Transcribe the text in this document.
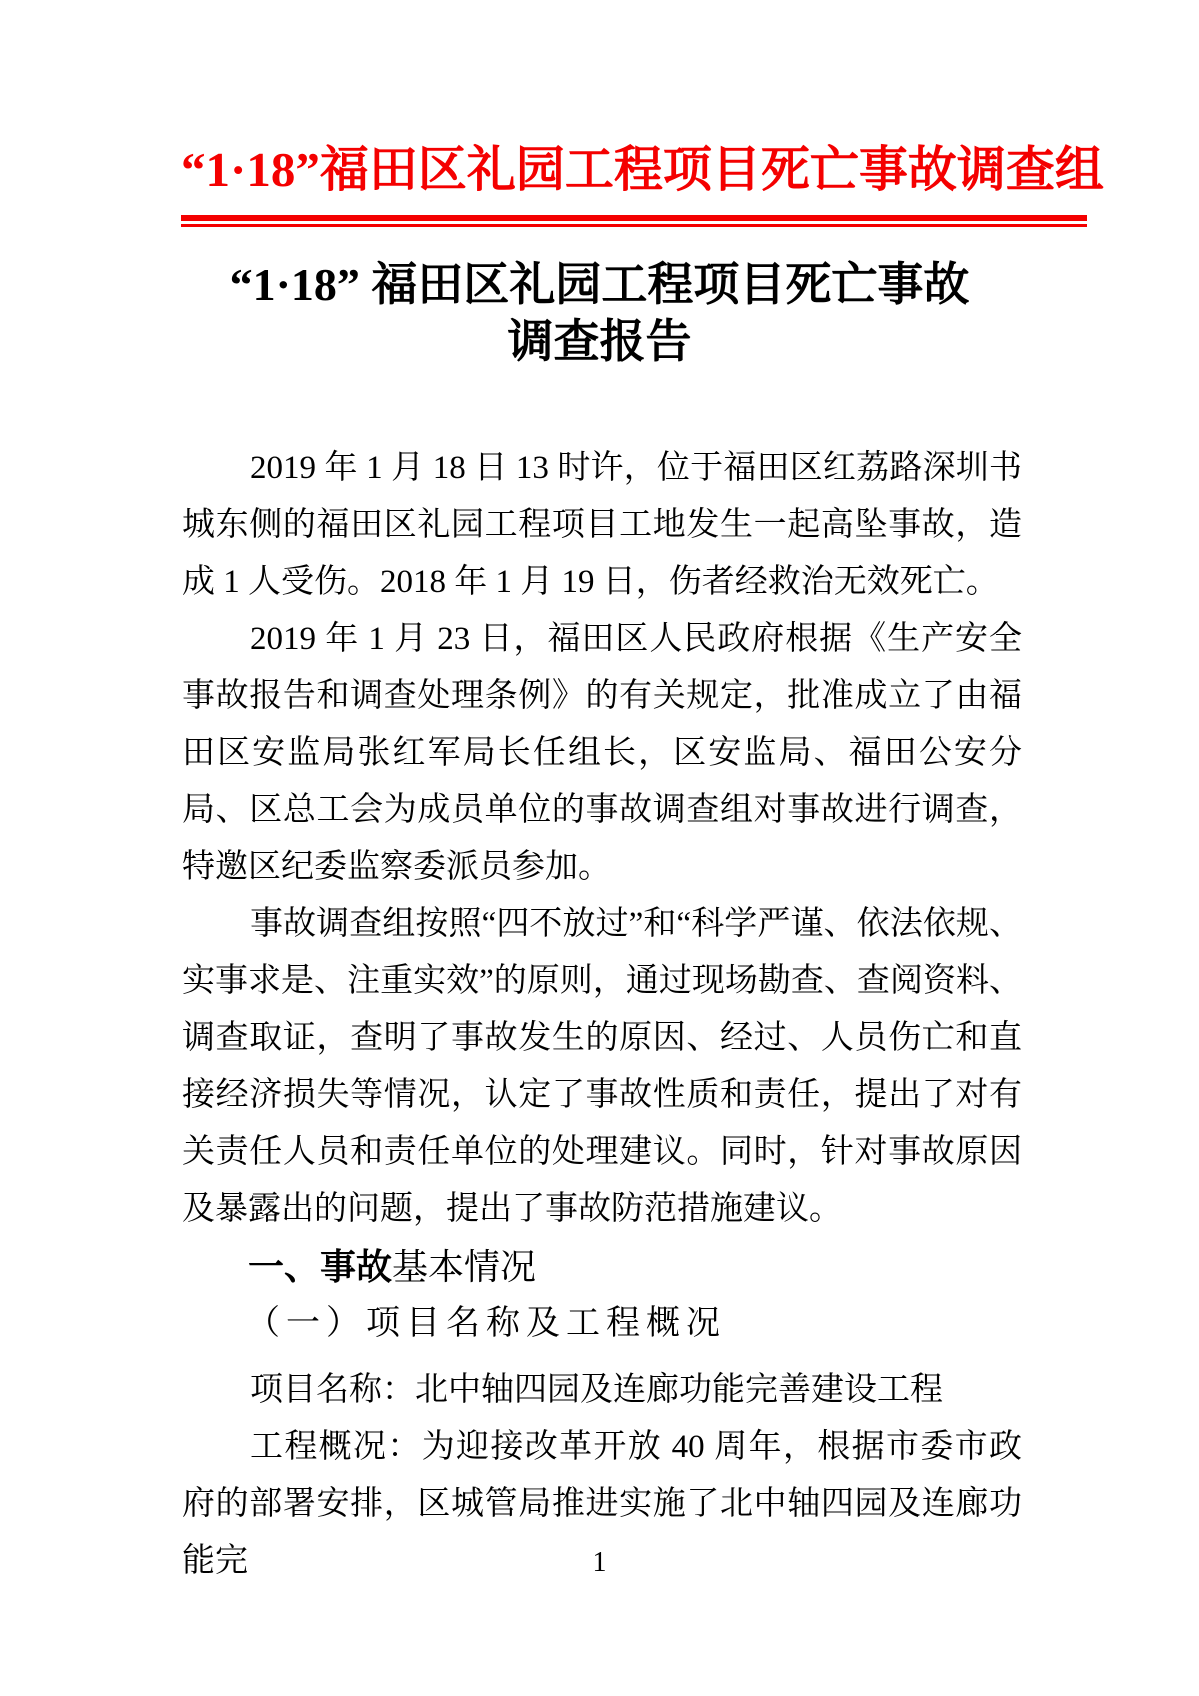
“1·18”福田区礼园工程项目死亡事故调查组
“1·18” 福田区礼园工程项目死亡事故
调查报告

2019 年 1 月 18 日 13 时许，位于福田区红荔路深圳书城东侧的福田区礼园工程项目工地发生一起高坠事故，造成 1 人受伤。2018 年 1 月 19 日，伤者经救治无效死亡。

2019 年 1 月 23 日，福田区人民政府根据《生产安全事故报告和调查处理条例》的有关规定，批准成立了由福田区安监局张红军局长任组长，区安监局、福田公安分局、区总工会为成员单位的事故调查组对事故进行调查，特邀区纪委监察委派员参加。

事故调查组按照“四不放过”和“科学严谨、依法依规、实事求是、注重实效”的原则，通过现场勘查、查阅资料、调查取证，查明了事故发生的原因、经过、人员伤亡和直接经济损失等情况，认定了事故性质和责任，提出了对有关责任人员和责任单位的处理建议。同时，针对事故原因及暴露出的问题，提出了事故防范措施建议。

一、事故基本情况
（一）项目名称及工程概况

项目名称：北中轴四园及连廊功能完善建设工程

工程概况：为迎接改革开放 40 周年，根据市委市政府的部署安排，区城管局推进实施了北中轴四园及连廊功能完	1
